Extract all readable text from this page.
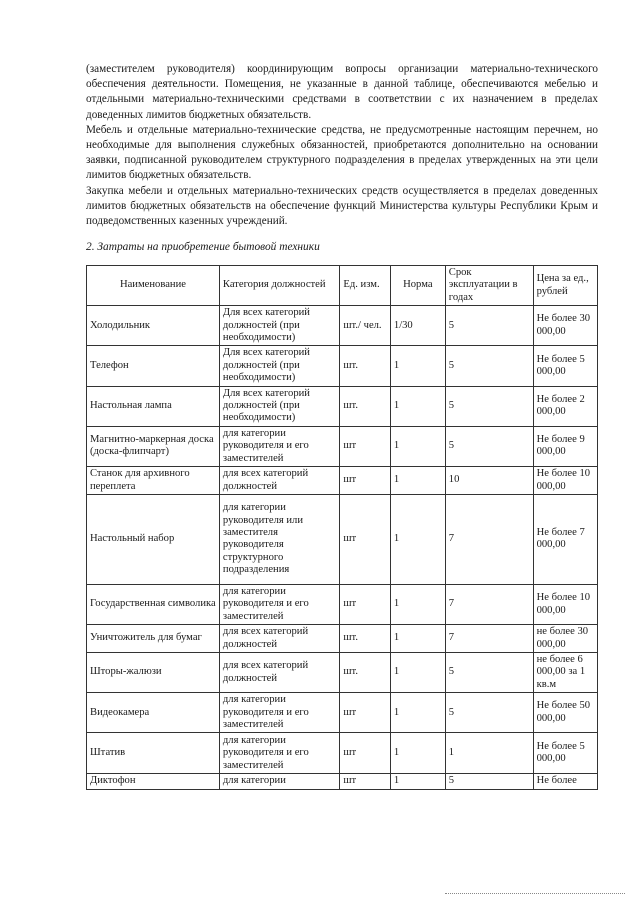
(заместителем руководителя) координирующим вопросы организации материально-технического обеспечения деятельности. Помещения, не указанные в данной таблице, обеспечиваются мебелью и отдельными материально-техническими средствами в соответствии с их назначением в пределах доведенных лимитов бюджетных обязательств.

Мебель и отдельные материально-технические средства, не предусмотренные настоящим перечнем, но необходимые для выполнения служебных обязанностей, приобретаются дополнительно на основании заявки, подписанной руководителем структурного подразделения в пределах утвержденных на эти цели лимитов бюджетных обязательств.

Закупка мебели и отдельных материально-технических средств осуществляется в пределах доведенных лимитов бюджетных обязательств на обеспечение функций Министерства культуры Республики Крым и подведомственных казенных учреждений.

2. Затраты на приобретение бытовой техники
Наименование	Категория должностей	Ед. изм.	Норма	Срок эксплуатации в годах	Цена за ед., рублей
Холодильник	Для всех категорий должностей (при необходимости)	шт./ чел.	1/30	5	Не более 30 000,00
Телефон	Для всех категорий должностей (при необходимости)	шт.	1	5	Не более 5 000,00
Настольная лампа	Для всех категорий должностей (при необходимости)	шт.	1	5	Не более 2 000,00
Магнитно-маркерная доска (доска-флипчарт)	для категории руководителя и его заместителей	шт	1	5	Не более 9 000,00
Станок для архивного переплета	для всех категорий должностей	шт	1	10	Не более 10 000,00
Настольный набор	для категории руководителя или заместителя руководителя структурного подразделения	шт	1	7	Не более 7 000,00
Государственная символика	для категории руководителя и его заместителей	шт	1	7	Не более 10 000,00
Уничтожитель для бумаг	для всех категорий должностей	шт.	1	7	не более 30 000,00
Шторы-жалюзи	для всех категорий должностей	шт.	1	5	не более 6 000,00 за 1 кв.м
Видеокамера	для категории руководителя и его заместителей	шт	1	5	Не более 50 000,00
Штатив	для категории руководителя и его заместителей	шт	1	1	Не более 5 000,00
Диктофон	для категории	шт	1	5	Не более
